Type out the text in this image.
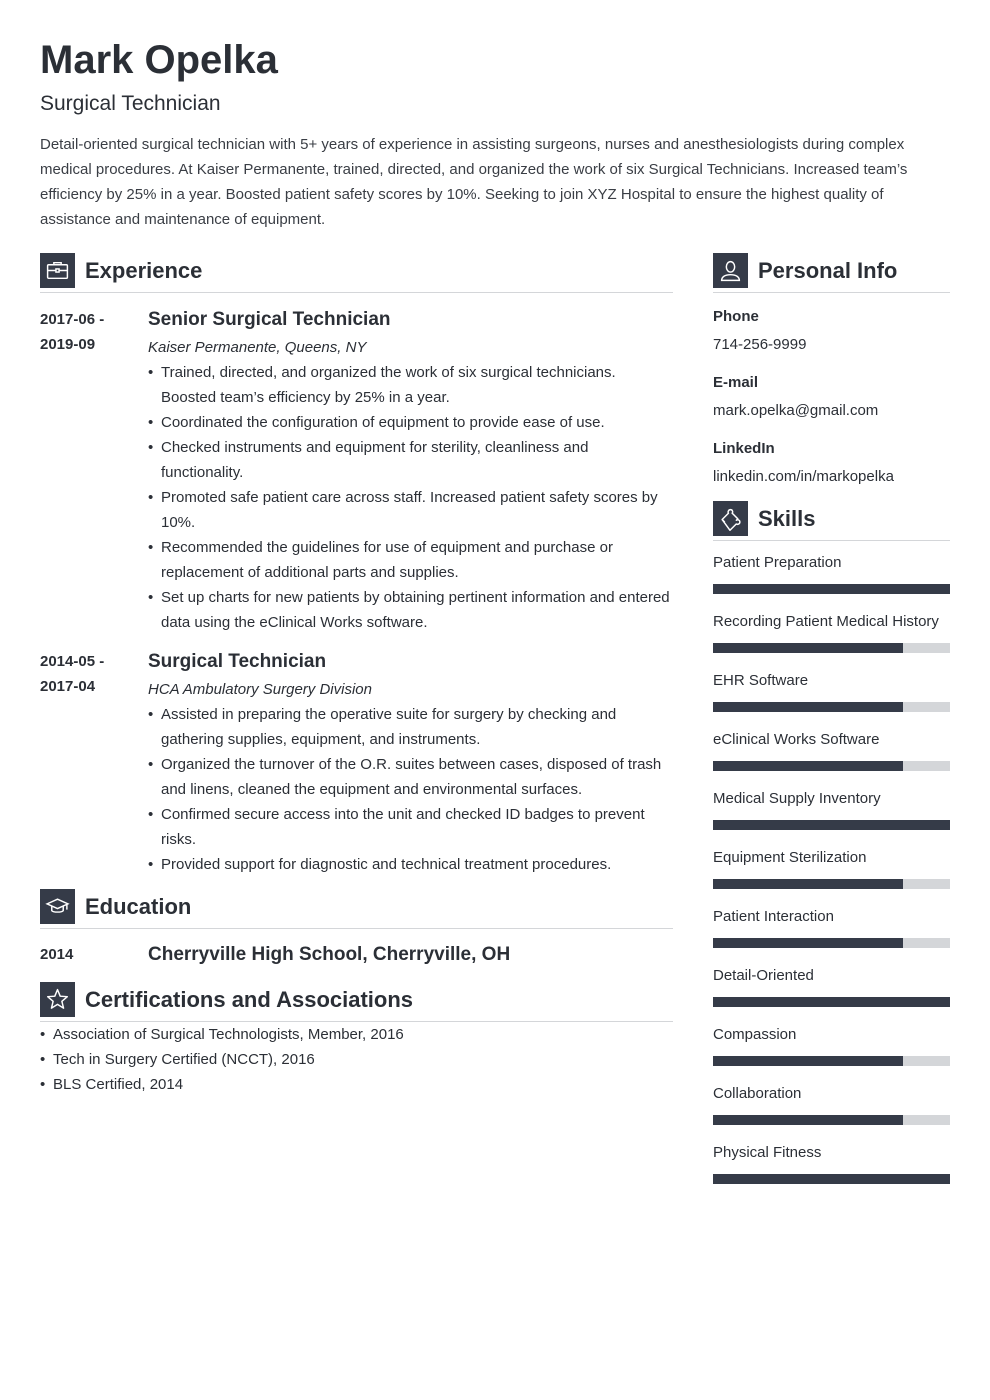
Mark Opelka
Surgical Technician
Detail-oriented surgical technician with 5+ years of experience in assisting surgeons, nurses and anesthesiologists during complex medical procedures. At Kaiser Permanente, trained, directed, and organized the work of six Surgical Technicians. Increased team’s efficiency by 25% in a year. Boosted patient safety scores by 10%. Seeking to join XYZ Hospital to ensure the highest quality of assistance and maintenance of equipment.
Experience
2017-06 - 2019-09
Senior Surgical Technician
Kaiser Permanente, Queens, NY
• Trained, directed, and organized the work of six surgical technicians. Boosted team’s efficiency by 25% in a year.
• Coordinated the configuration of equipment to provide ease of use.
• Checked instruments and equipment for sterility, cleanliness and functionality.
• Promoted safe patient care across staff. Increased patient safety scores by 10%.
• Recommended the guidelines for use of equipment and purchase or replacement of additional parts and supplies.
• Set up charts for new patients by obtaining pertinent information and entered data using the eClinical Works software.
2014-05 - 2017-04
Surgical Technician
HCA Ambulatory Surgery Division
• Assisted in preparing the operative suite for surgery by checking and gathering supplies, equipment, and instruments.
• Organized the turnover of the O.R. suites between cases, disposed of trash and linens, cleaned the equipment and environmental surfaces.
• Confirmed secure access into the unit and checked ID badges to prevent risks.
• Provided support for diagnostic and technical treatment procedures.
Education
2014	Cherryville High School, Cherryville, OH
Certifications and Associations
• Association of Surgical Technologists, Member, 2016
• Tech in Surgery Certified (NCCT), 2016
• BLS Certified, 2014
Personal Info
Phone
714-256-9999
E-mail
mark.opelka@gmail.com
LinkedIn
linkedin.com/in/markopelka
Skills
Patient Preparation
Recording Patient Medical History
EHR Software
eClinical Works Software
Medical Supply Inventory
Equipment Sterilization
Patient Interaction
Detail-Oriented
Compassion
Collaboration
Physical Fitness
